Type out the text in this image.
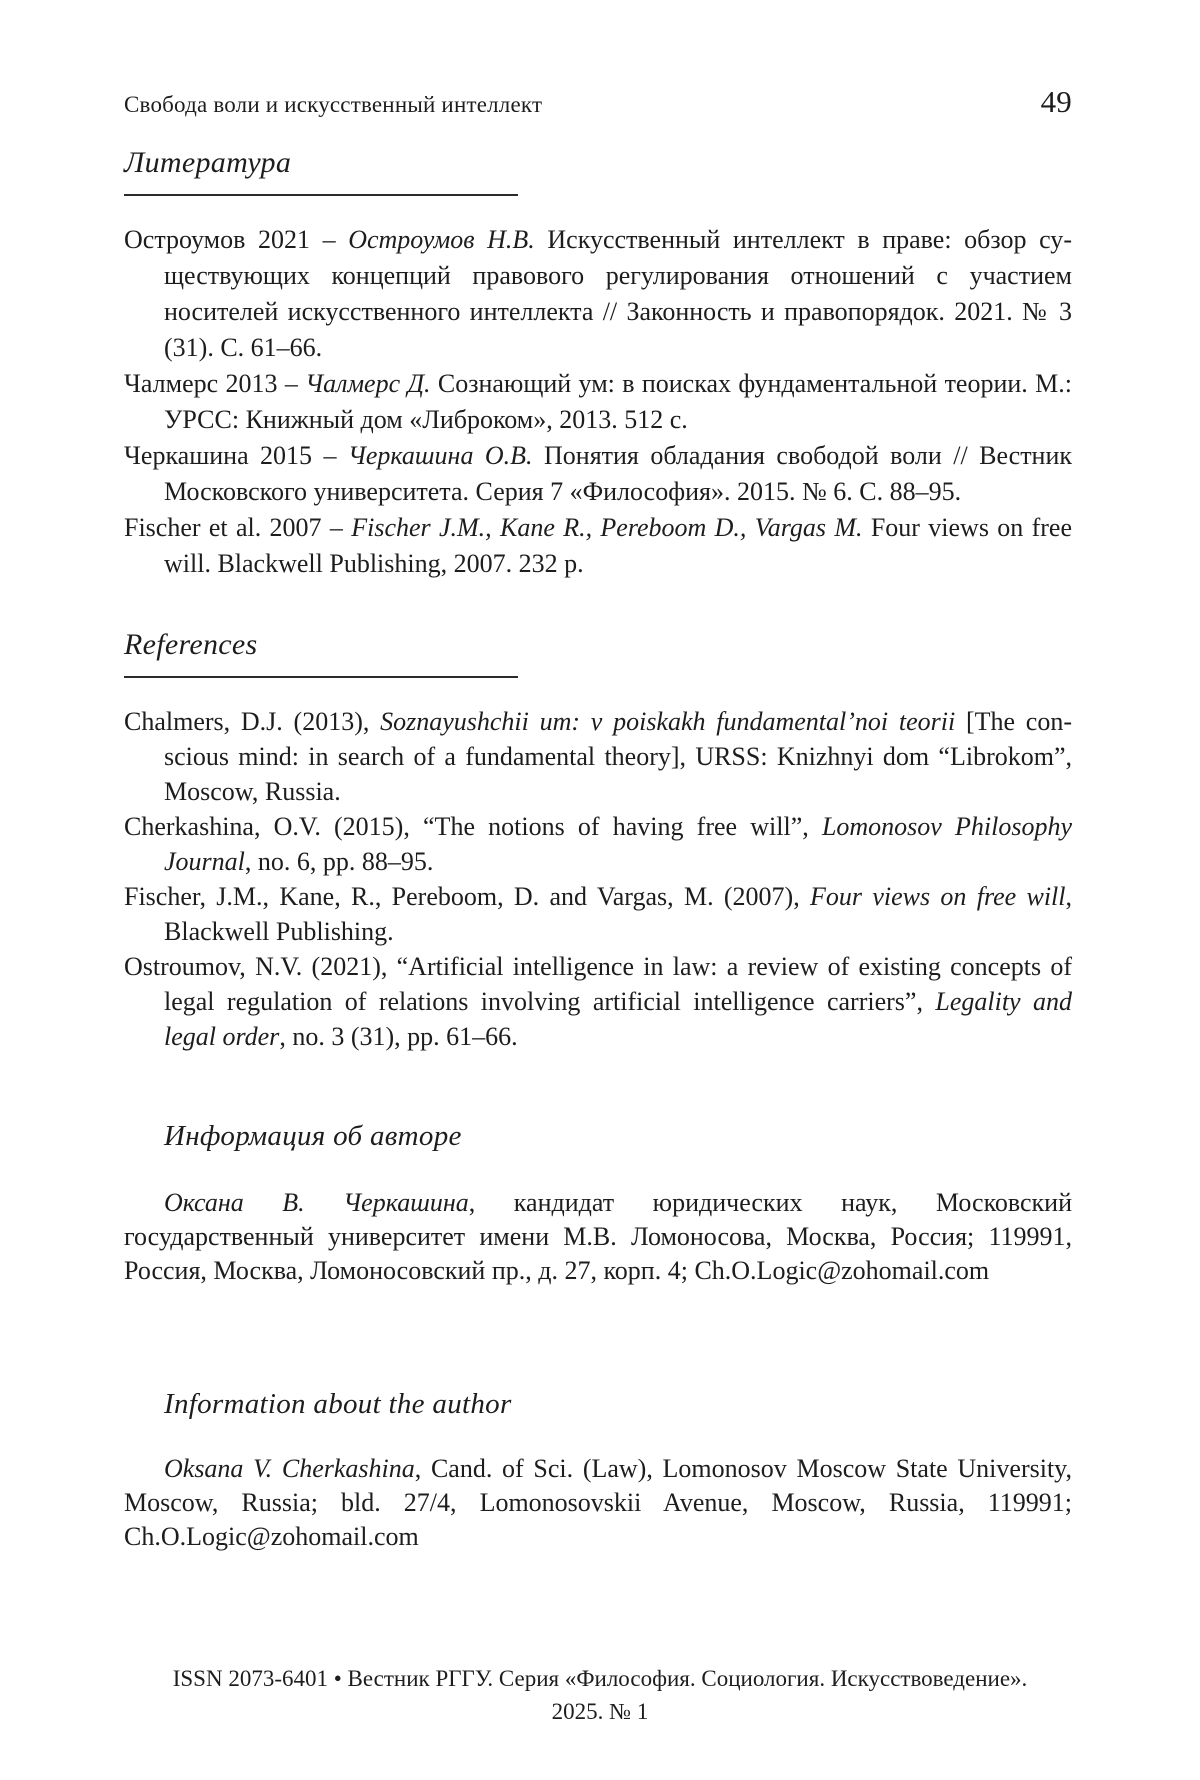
Свобода воли и искусственный интеллект	49
Литература

Остроумов 2021 – Остроумов Н.В. Искусственный интеллект в праве: обзор существующих концепций правового регулирования отношений с участием носителей искусственного интеллекта // Законность и правопорядок. 2021. № 3 (31). С. 61–66.

Чалмерс 2013 – Чалмерс Д. Сознающий ум: в поисках фундаментальной теории. М.: УРСС: Книжный дом «Либроком», 2013. 512 с.

Черкашина 2015 – Черкашина О.В. Понятия обладания свободой воли // Вестник Московского университета. Серия 7 «Философия». 2015. № 6. С. 88–95.

Fischer et al. 2007 – Fischer J.M., Kane R., Pereboom D., Vargas M. Four views on free will. Blackwell Publishing, 2007. 232 p.

References

Chalmers, D.J. (2013), Soznayushchii um: v poiskakh fundamental’noi teorii [The conscious mind: in search of a fundamental theory], URSS: Knizhnyi dom “Librokom”, Moscow, Russia.

Cherkashina, O.V. (2015), “The notions of having free will”, Lomonosov Philosophy Journal, no. 6, pp. 88–95.

Fischer, J.M., Kane, R., Pereboom, D. and Vargas, M. (2007), Four views on free will, Blackwell Publishing.

Ostroumov, N.V. (2021), “Artificial intelligence in law: a review of existing concepts of legal regulation of relations involving artificial intelligence carriers”, Legality and legal order, no. 3 (31), pp. 61–66.

Информация об авторе

Оксана В. Черкашина, кандидат юридических наук, Московский государственный университет имени М.В. Ломоносова, Москва, Россия; 119991, Россия, Москва, Ломоносовский пр., д. 27, корп. 4; Ch.O.Logic@​zohomail.com

Information about the author

Oksana V. Cherkashina, Cand. of Sci. (Law), Lomonosov Moscow State University, Moscow, Russia; bld. 27/4, Lomonosovskii Avenue, Moscow, Russia, 119991; Ch.O.Logic@zohomail.com

ISSN 2073-6401 • Вестник РГГУ. Серия «Философия. Социология. Искусствоведение».
2025. № 1
